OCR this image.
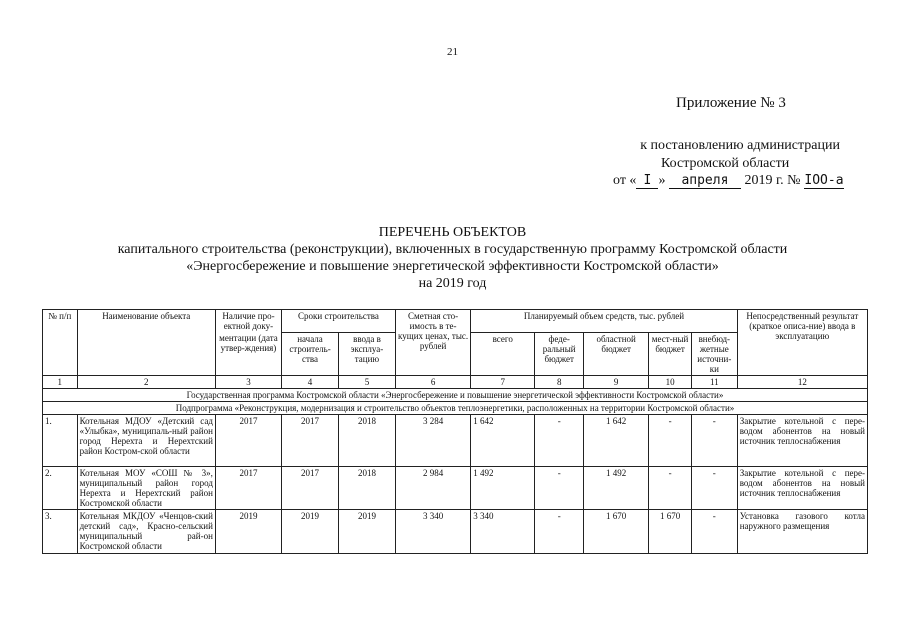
21
Приложение № 3
к постановлению администрации
Костромской области
от « I » апреля 2019 г. № IOO-а
ПЕРЕЧЕНЬ ОБЪЕКТОВ
капитального строительства (реконструкции), включенных в государственную программу Костромской области
«Энергосбережение и повышение энергетической эффективности Костромской области»
на 2019 год
№ п/п	Наименование объекта	Наличие про-ектной доку-	Сроки строительства		Сметная сто-имость в те-кущих ценах, тыс. рублей	Планируемый объем средств, тыс. рублей					Непосредственный результат (краткое описа-ние) ввода в эксплуатацию
		ментации (дата утвер-ждения)	начала строитель-ства	ввода в эксплуа-тацию		всего	феде-ральный бюджет	областной бюджет	мест-ный бюджет	внебюд-жетные источни-ки	
1	2	3	4	5	6	7	8	9	10	11	12
Государственная программа Костромской области «Энергосбережение и повышение энергетической эффективности Костромской области»											
Подпрограмма «Реконструкция, модернизация и строительство объектов теплоэнергетики, расположенных на территории Костромской области»											
1.	Котельная МДОУ «Детский сад «Улыбка», муниципаль-ный район город Нерехта и Нерехтский район Костром-ской области	2017	2017	2018	3 284	1 642	-	1 642	-	-	Закрытие котельной с пере-водом абонентов на новый источник теплоснабжения
2.	Котельная МОУ «СОШ № 3», муниципальный район город Нерехта и Нерехтский район Костромской области	2017	2017	2018	2 984	1 492	-	1 492	-	-	Закрытие котельной с пере-водом абонентов на новый источник теплоснабжения
3.	Котельная МКДОУ «Ченцов-ский детский сад», Красно-сельский муниципальный рай-он Костромской области	2019	2019	2019	3 340	3 340	-	1 670	1 670	-	Установка газового котла наружного размещения
